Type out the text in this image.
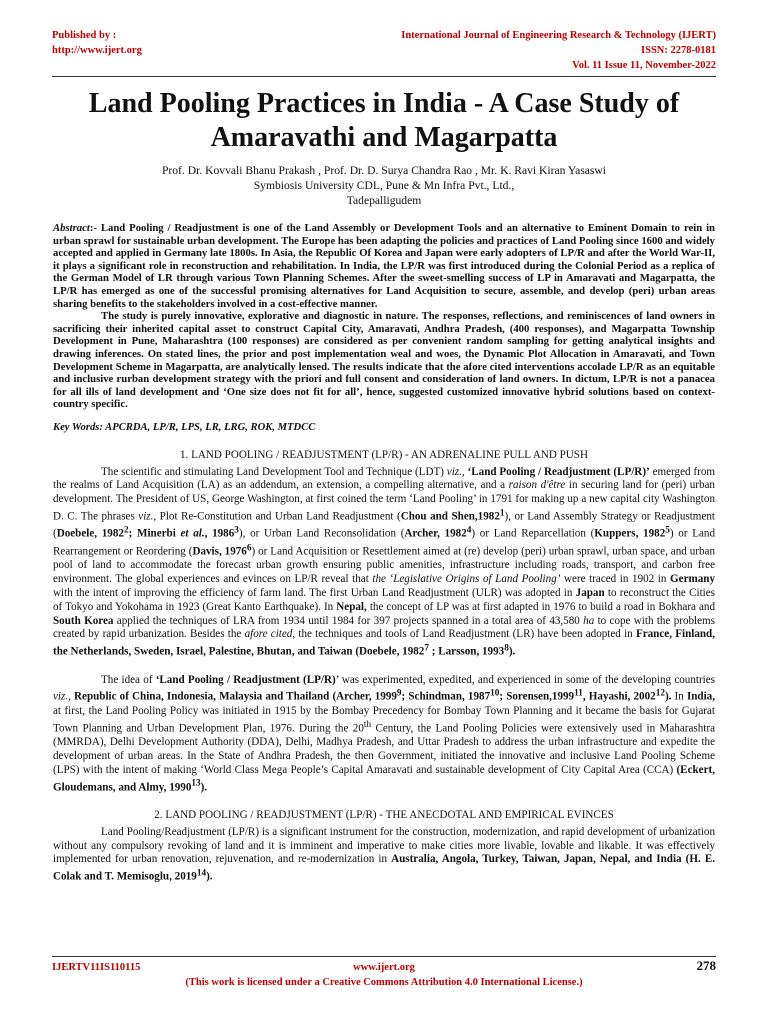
Published by :
http://www.ijert.org
International Journal of Engineering Research & Technology (IJERT)
ISSN: 2278-0181
Vol. 11 Issue 11, November-2022
Land Pooling Practices in India - A Case Study of Amaravathi and Magarpatta
Prof. Dr. Kovvali Bhanu Prakash , Prof. Dr. D. Surya Chandra Rao , Mr. K. Ravi Kiran Yasaswi
Symbiosis University CDL, Pune & Mn Infra Pvt., Ltd.,
Tadepalligudem

Abstract:- Land Pooling / Readjustment is one of the Land Assembly or Development Tools and an alternative to Eminent Domain to rein in urban sprawl for sustainable urban development. The Europe has been adapting the policies and practices of Land Pooling since 1600 and widely accepted and applied in Germany late 1800s. In Asia, the Republic Of Korea and Japan were early adopters of LP/R and after the World War-II, it plays a significant role in reconstruction and rehabilitation. In India, the LP/R was first introduced during the Colonial Period as a replica of the German Model of LR through various Town Planning Schemes. After the sweet-smelling success of LP in Amaravati and Magarpatta, the LP/R has emerged as one of the successful promising alternatives for Land Acquisition to secure, assemble, and develop (peri) urban areas sharing benefits to the stakeholders involved in a cost-effective manner.

The study is purely innovative, explorative and diagnostic in nature. The responses, reflections, and reminiscences of land owners in sacrificing their inherited capital asset to construct Capital City, Amaravati, Andhra Pradesh, (400 responses), and Magarpatta Township Development in Pune, Maharashtra (100 responses) are considered as per convenient random sampling for getting analytical insights and drawing inferences. On stated lines, the prior and post implementation weal and woes, the Dynamic Plot Allocation in Amaravati, and Town Development Scheme in Magarpatta, are analytically lensed. The results indicate that the afore cited interventions accolade LP/R as an equitable and inclusive rurban development strategy with the priori and full consent and consideration of land owners. In dictum, LP/R is not a panacea for all ills of land development and ‘One size does not fit for all’, hence, suggested customized innovative hybrid solutions based on context-country specific.

Key Words: APCRDA, LP/R, LPS, LR, LRG, ROK, MTDCC

1. LAND POOLING / READJUSTMENT (LP/R) - AN ADRENALINE PULL AND PUSH

The scientific and stimulating Land Development Tool and Technique (LDT) viz., ‘Land Pooling / Readjustment (LP/R)’ emerged from the realms of Land Acquisition (LA) as an addendum, an extension, a compelling alternative, and a raison d'être in securing land for (peri) urban development. The President of US, George Washington, at first coined the term ‘Land Pooling’ in 1791 for making up a new capital city Washington D. C. The phrases viz., Plot Re-Constitution and Urban Land Readjustment (Chou and Shen,1982$^1$), or Land Assembly Strategy or Readjustment (Doebele, 1982$^2$; Minerbi et al., 1986$^3$), or Urban Land Reconsolidation (Archer, 1982$^4$) or Land Reparcellation (Kuppers, 1982$^5$) or Land Rearrangement or Reordering (Davis, 1976$^6$) or Land Acquisition or Resettlement aimed at (re) develop (peri) urban sprawl, urban space, and urban pool of land to accommodate the forecast urban growth ensuring public amenities, infrastructure including roads, transport, and carbon free environment. The global experiences and evinces on LP/R reveal that the ‘Legislative Origins of Land Pooling’ were traced in 1902 in Germany with the intent of improving the efficiency of farm land. The first Urban Land Readjustment (ULR) was adopted in Japan to reconstruct the Cities of Tokyo and Yokohama in 1923 (Great Kanto Earthquake). In Nepal, the concept of LP was at first adapted in 1976 to build a road in Bokhara and South Korea applied the techniques of LRA from 1934 until 1984 for 397 projects spanned in a total area of 43,580 ha to cope with the problems created by rapid urbanization. Besides the afore cited, the techniques and tools of Land Readjustment (LR) have been adopted in France, Finland, the Netherlands, Sweden, Israel, Palestine, Bhutan, and Taiwan (Doebele, 1982$^7$ ; Larsson, 1993$^8$).

The idea of ‘Land Pooling / Readjustment (LP/R)’ was experimented, expedited, and experienced in some of the developing countries viz., Republic of China, Indonesia, Malaysia and Thailand (Archer, 1999$^9$; Schindman, 1987$^{10}$; Sorensen,1999$^{11}$, Hayashi, 2002$^{12}$). In India, at first, the Land Pooling Policy was initiated in 1915 by the Bombay Precedency for Bombay Town Planning and it became the basis for Gujarat Town Planning and Urban Development Plan, 1976. During the 20th Century, the Land Pooling Policies were extensively used in Maharashtra (MMRDA), Delhi Development Authority (DDA), Delhi, Madhya Pradesh, and Uttar Pradesh to address the urban infrastructure and expedite the development of urban areas. In the State of Andhra Pradesh, the then Government, initiated the innovative and inclusive Land Pooling Scheme (LPS) with the intent of making ‘World Class Mega People’s Capital Amaravati and sustainable development of City Capital Area (CCA) (Eckert, Gloudemans, and Almy, 1990$^{13}$).

2. LAND POOLING / READJUSTMENT (LP/R) - THE ANECDOTAL AND EMPIRICAL EVINCES

Land Pooling/Readjustment (LP/R) is a significant instrument for the construction, modernization, and rapid development of urbanization without any compulsory revoking of land and it is imminent and imperative to make cities more livable, lovable and likable. It was effectively implemented for urban renovation, rejuvenation, and re-modernization in Australia, Angola, Turkey, Taiwan, Japan, Nepal, and India (H. E. Colak and T. Memisoglu, 2019$^{14}$).

IJERTV11IS110115	www.ijert.org	278
(This work is licensed under a Creative Commons Attribution 4.0 International License.)
